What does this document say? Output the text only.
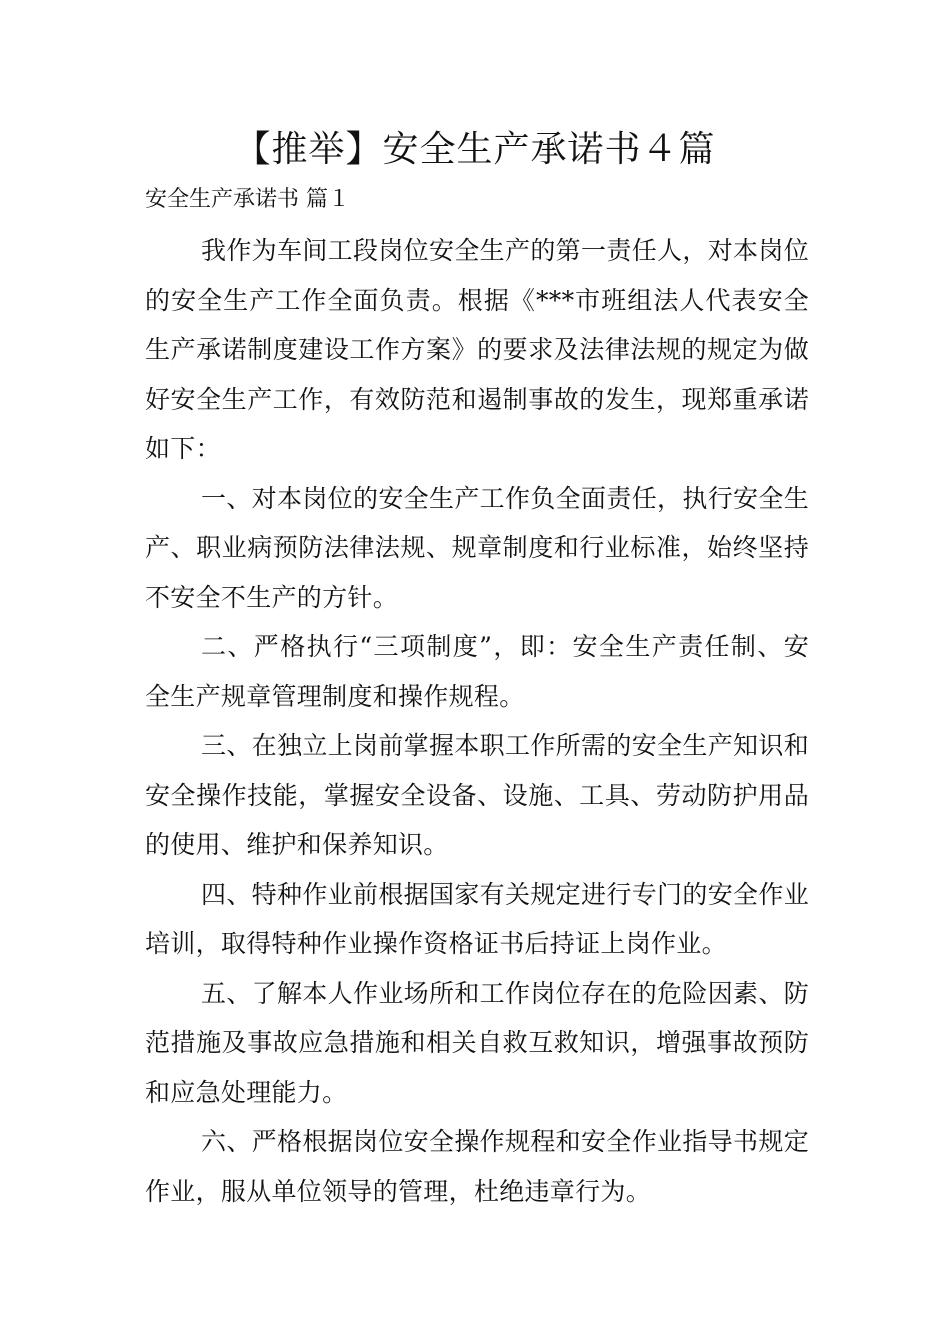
【推举】安全生产承诺书４篇

安全生产承诺书 篇１

我作为车间工段岗位安全生产的第一责任人，对本岗位的安全生产工作全面负责。根据《***市班组法人代表安全生产承诺制度建设工作方案》的要求及法律法规的规定为做好安全生产工作，有效防范和遏制事故的发生，现郑重承诺如下：

一、对本岗位的安全生产工作负全面责任，执行安全生产、职业病预防法律法规、规章制度和行业标准，始终坚持不安全不生产的方针。

二、严格执行“三项制度”，即：安全生产责任制、安全生产规章管理制度和操作规程。

三、在独立上岗前掌握本职工作所需的安全生产知识和安全操作技能，掌握安全设备、设施、工具、劳动防护用品的使用、维护和保养知识。

四、特种作业前根据国家有关规定进行专门的安全作业培训，取得特种作业操作资格证书后持证上岗作业。

五、了解本人作业场所和工作岗位存在的危险因素、防范措施及事故应急措施和相关自救互救知识，增强事故预防和应急处理能力。

六、严格根据岗位安全操作规程和安全作业指导书规定作业，服从单位领导的管理，杜绝违章行为。
